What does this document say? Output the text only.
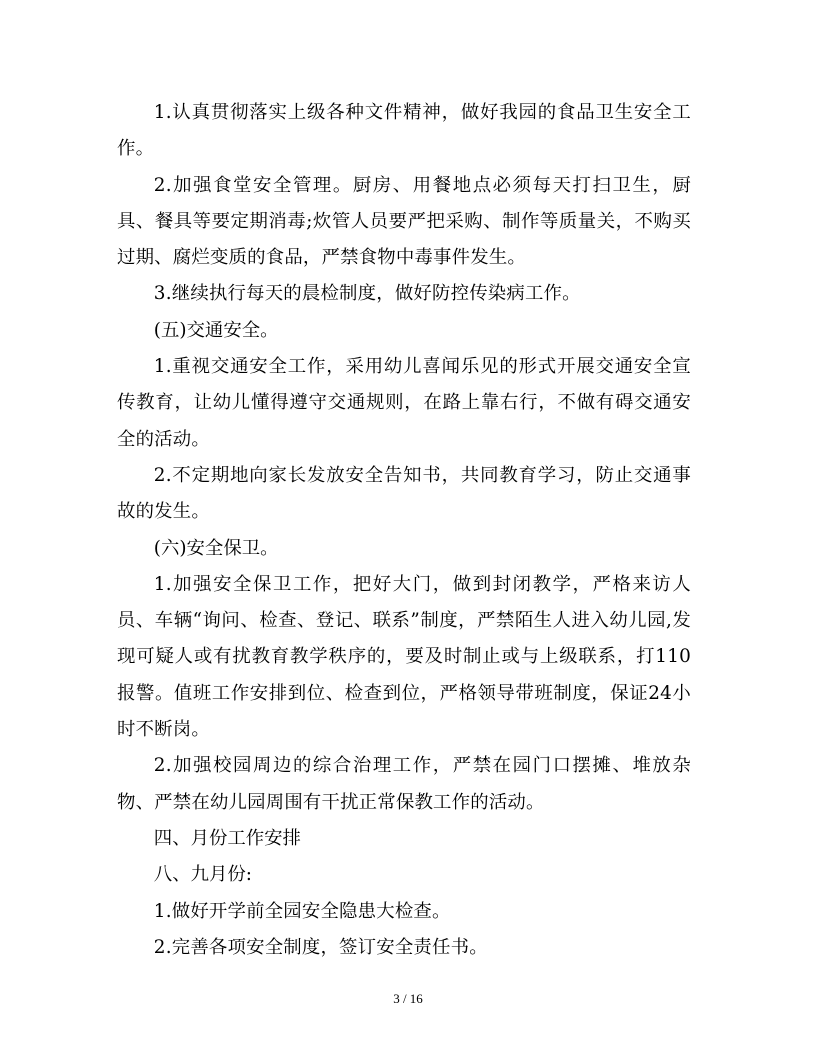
1.认真贯彻落实上级各种文件精神，做好我园的食品卫生安全工作。

2.加强食堂安全管理。厨房、用餐地点必须每天打扫卫生，厨具、餐具等要定期消毒;炊管人员要严把采购、制作等质量关，不购买过期、腐烂变质的食品，严禁食物中毒事件发生。

3.继续执行每天的晨检制度，做好防控传染病工作。

(五)交通安全。

1.重视交通安全工作，采用幼儿喜闻乐见的形式开展交通安全宣传教育，让幼儿懂得遵守交通规则，在路上靠右行，不做有碍交通安全的活动。

2.不定期地向家长发放安全告知书，共同教育学习，防止交通事故的发生。

(六)安全保卫。

1.加强安全保卫工作，把好大门，做到封闭教学，严格来访人员、车辆“询问、检查、登记、联系”制度，严禁陌生人进入幼儿园,发现可疑人或有扰教育教学秩序的，要及时制止或与上级联系，打110报警。值班工作安排到位、检查到位，严格领导带班制度，保证24小时不断岗。

2.加强校园周边的综合治理工作，严禁在园门口摆摊、堆放杂物、严禁在幼儿园周围有干扰正常保教工作的活动。

四、月份工作安排

八、九月份:

1.做好开学前全园安全隐患大检查。

2.完善各项安全制度，签订安全责任书。

3 / 16
